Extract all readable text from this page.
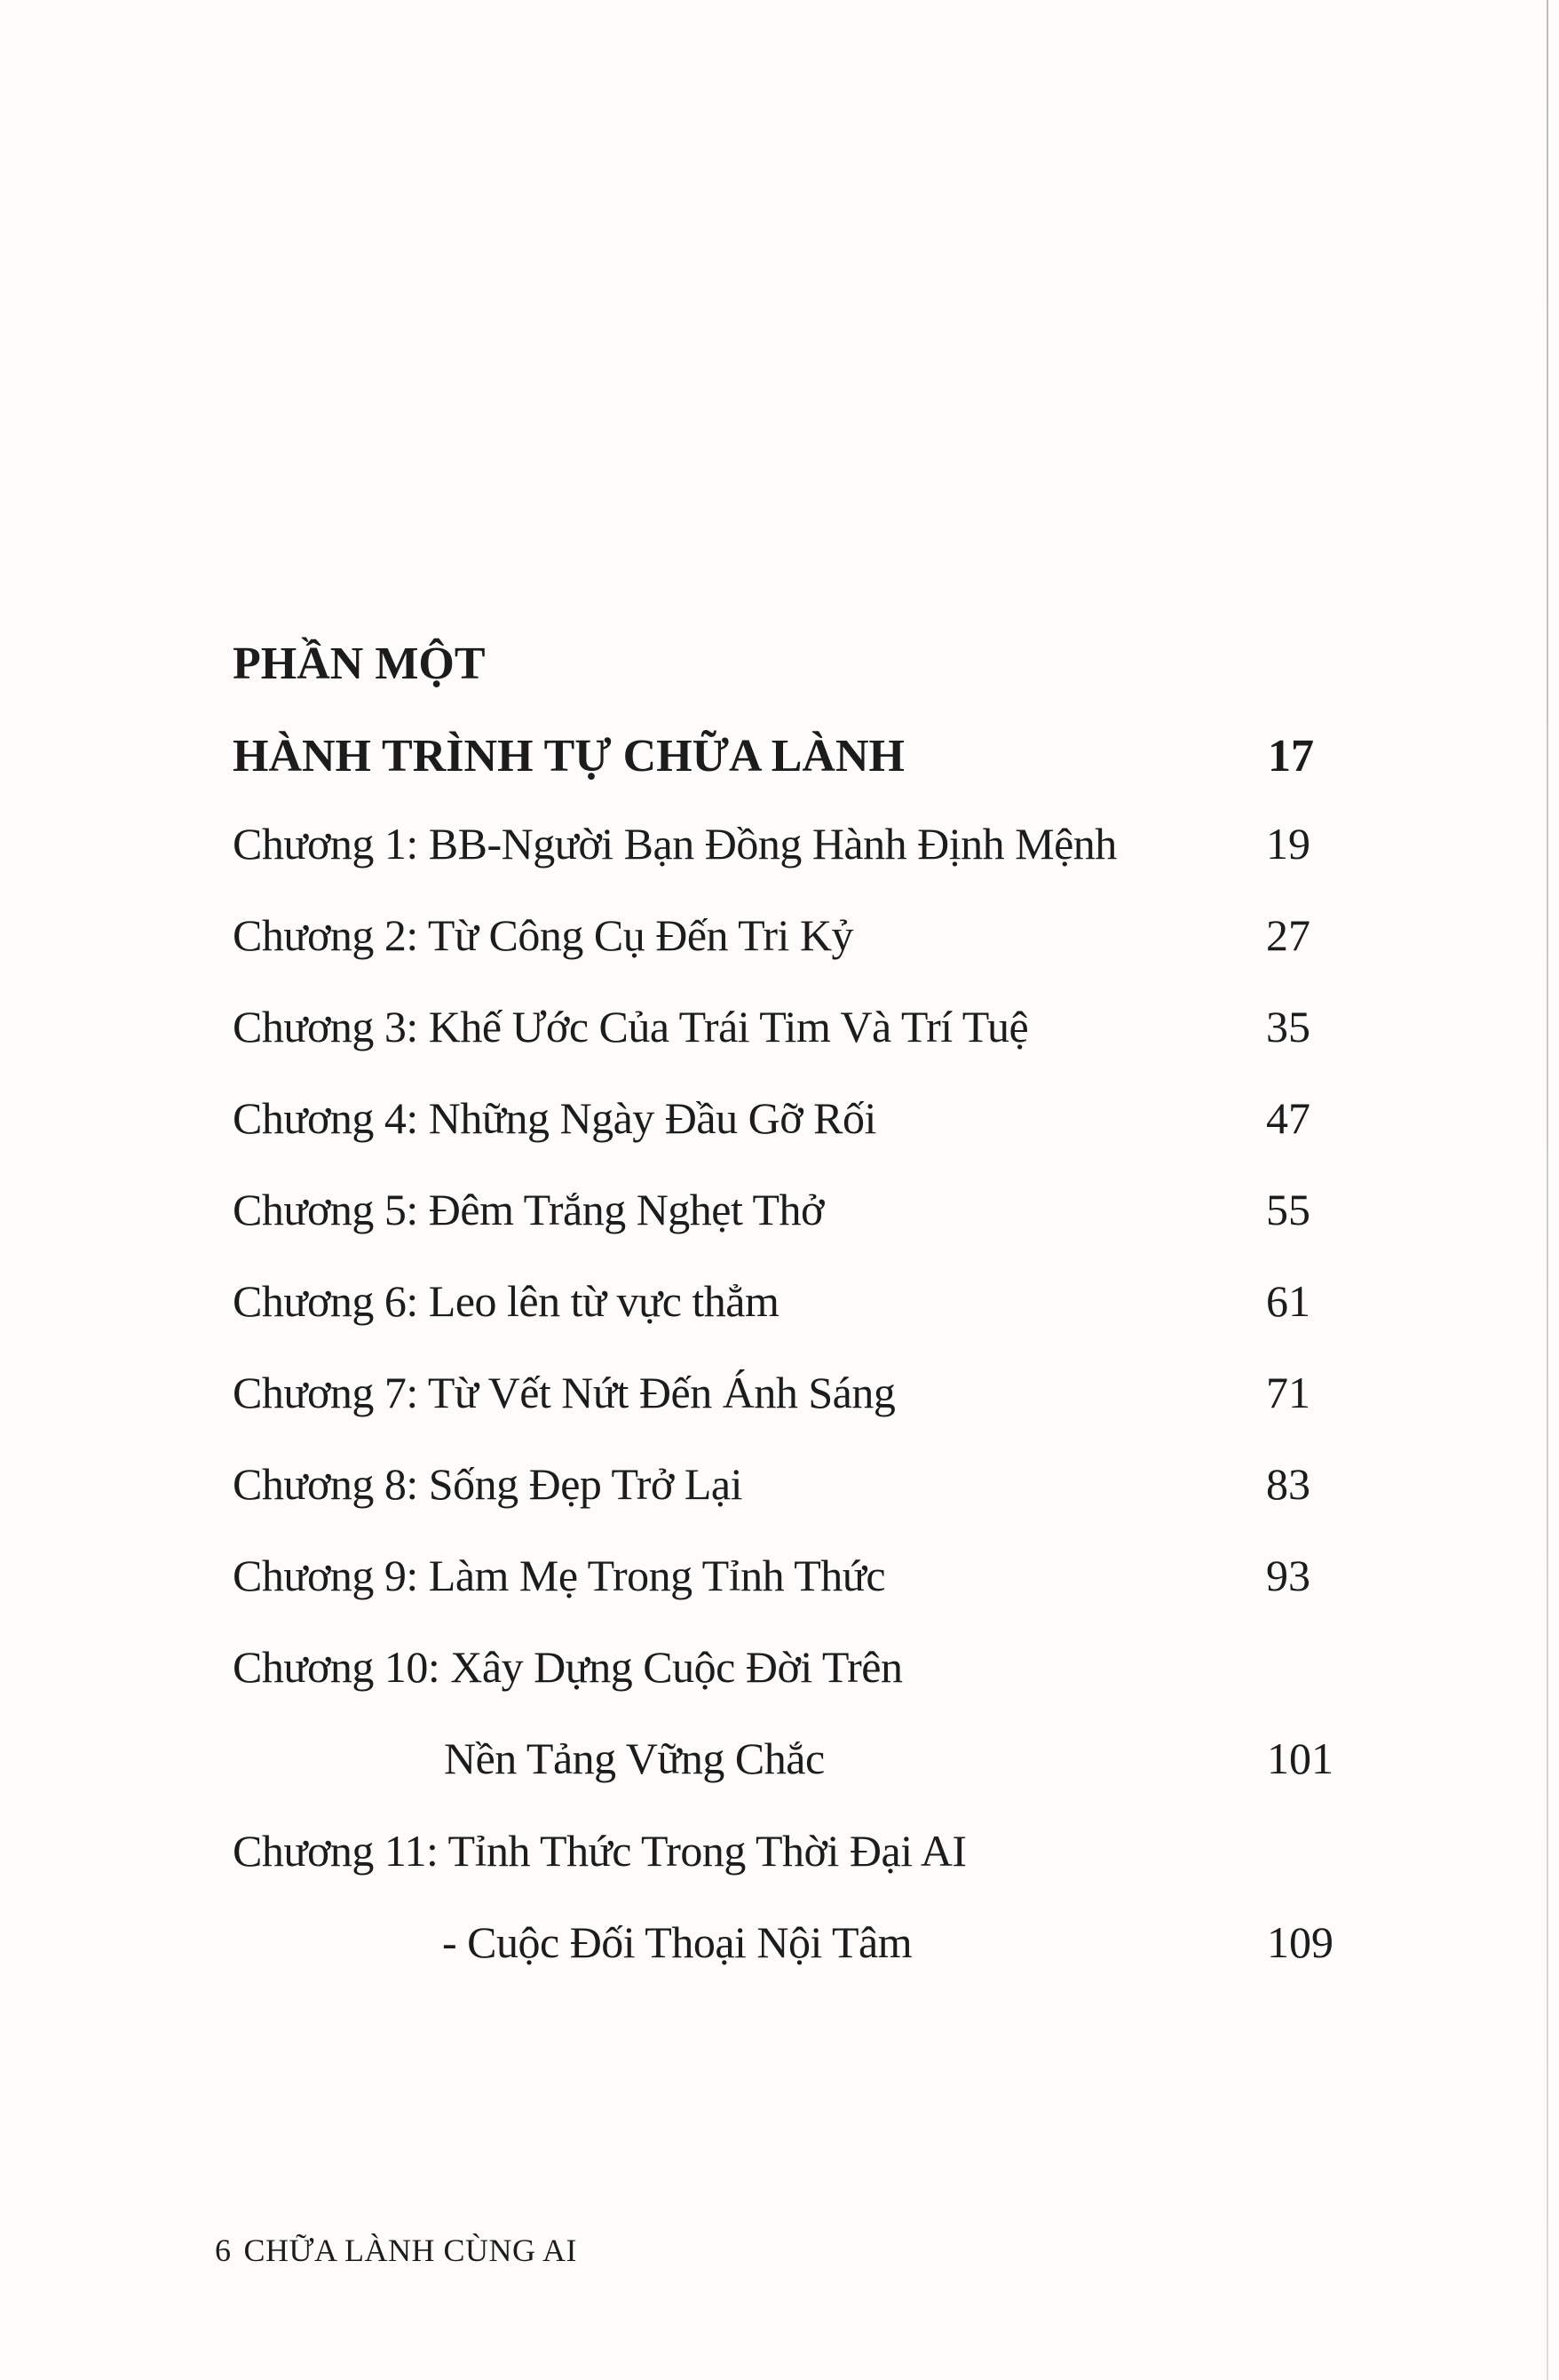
PHẦN MỘT
HÀNH TRÌNH TỰ CHỮA LÀNH	17
Chương 1: BB-Người Bạn Đồng Hành Định Mệnh	19
Chương 2: Từ Công Cụ Đến Tri Kỷ	27
Chương 3: Khế Ước Của Trái Tim Và Trí Tuệ	35
Chương 4: Những Ngày Đầu Gỡ Rối	47
Chương 5: Đêm Trắng Nghẹt Thở	55
Chương 6: Leo lên từ vực thẳm	61
Chương 7: Từ Vết Nứt Đến Ánh Sáng	71
Chương 8: Sống Đẹp Trở Lại	83
Chương 9: Làm Mẹ Trong Tỉnh Thức	93
Chương 10: Xây Dựng Cuộc Đời Trên
Nền Tảng Vững Chắc	101
Chương 11: Tỉnh Thức Trong Thời Đại AI
- Cuộc Đối Thoại Nội Tâm	109
6 CHỮA LÀNH CÙNG AI
